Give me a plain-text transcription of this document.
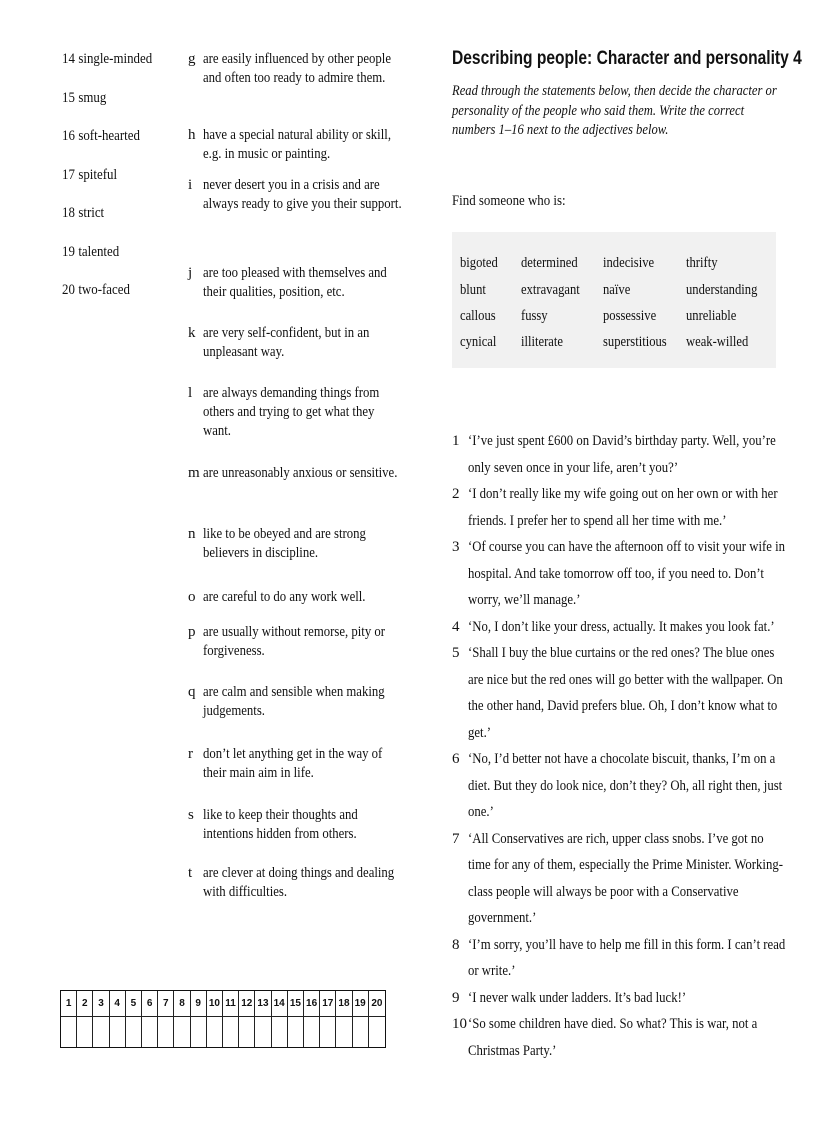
14 single-minded
15 smug
16 soft-hearted
17 spiteful
18 strict
19 talented
20 two-faced
g are easily influenced by other people and often too ready to admire them.
h have a special natural ability or skill, e.g. in music or painting.
i never desert you in a crisis and are always ready to give you their support.
j are too pleased with themselves and their qualities, position, etc.
k are very self-confident, but in an unpleasant way.
l are always demanding things from others and trying to get what they want.
m are unreasonably anxious or sensitive.
n like to be obeyed and are strong believers in discipline.
o are careful to do any work well.
p are usually without remorse, pity or forgiveness.
q are calm and sensible when making judgements.
r don’t let anything get in the way of their main aim in life.
s like to keep their thoughts and intentions hidden from others.
t are clever at doing things and dealing with difficulties.
1	2	3	4	5	6	7	8	9 10 11 12 13 14 15 16 17 18 19 20
Describing people: Character and personality 4
Read through the statements below, then decide the character or personality of the people who said them. Write the correct numbers 1–16 next to the adjectives below.
Find someone who is:
bigoted determined indecisive thrifty
blunt extravagant naïve	understanding
callous fussy	possessive unreliable
cynical illiterate	superstitious weak-willed
1 ‘I’ve just spent £600 on David’s birthday party. Well, you’re only seven once in your life, aren’t you?’
2 ‘I don’t really like my wife going out on her own or with her friends. I prefer her to spend all her time with me.’
3 ‘Of course you can have the afternoon off to visit your wife in hospital. And take tomorrow off too, if you need to. Don’t worry, we’ll manage.’
4 ‘No, I don’t like your dress, actually. It makes you look fat.’
5 ‘Shall I buy the blue curtains or the red ones? The blue ones are nice but the red ones will go better with the wallpaper. On the other hand, David prefers blue. Oh, I don’t know what to get.’
6 ‘No, I’d better not have a chocolate biscuit, thanks, I’m on a diet. But they do look nice, don’t they? Oh, all right then, just one.’
7 ‘All Conservatives are rich, upper class snobs. I’ve got no time for any of them, especially the Prime Minister. Working-class people will always be poor with a Conservative government.’
8 ‘I’m sorry, you’ll have to help me fill in this form. I can’t read or write.’
9 ‘I never walk under ladders. It’s bad luck!’
10 ‘So some children have died. So what? This is war, not a Christmas Party.’
